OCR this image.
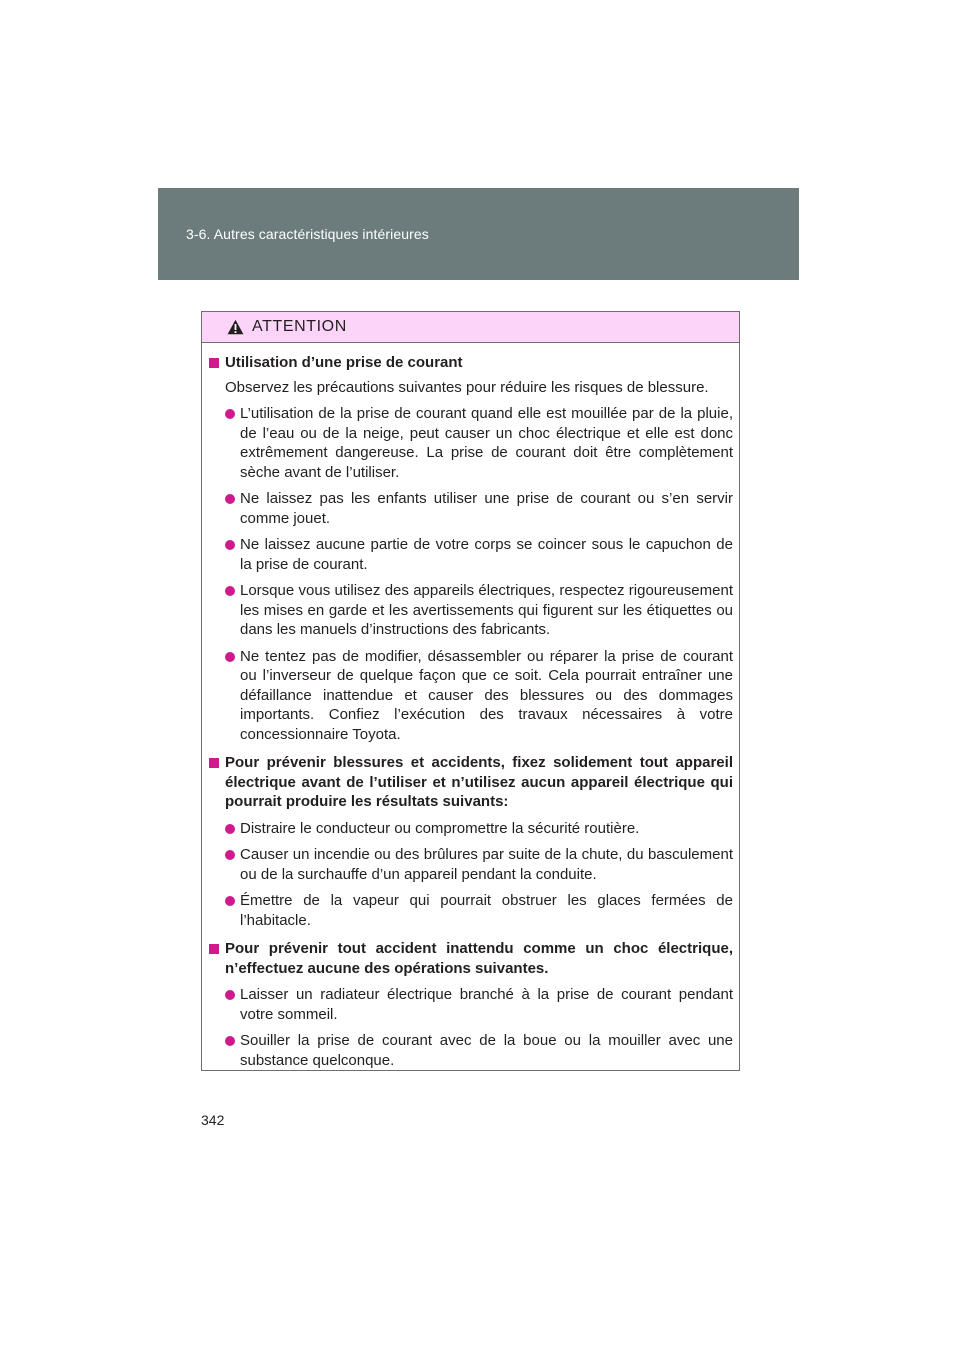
3-6. Autres caractéristiques intérieures
ATTENTION
Utilisation d’une prise de courant
Observez les précautions suivantes pour réduire les risques de blessure.
L’utilisation de la prise de courant quand elle est mouillée par de la pluie, de l’eau ou de la neige, peut causer un choc électrique et elle est donc extrêmement dangereuse. La prise de courant doit être complètement sèche avant de l’utiliser.
Ne laissez pas les enfants utiliser une prise de courant ou s’en servir comme jouet.
Ne laissez aucune partie de votre corps se coincer sous le capuchon de la prise de courant.
Lorsque vous utilisez des appareils électriques, respectez rigoureusement les mises en garde et les avertissements qui figurent sur les étiquettes ou dans les manuels d’instructions des fabricants.
Ne tentez pas de modifier, désassembler ou réparer la prise de courant ou l’inverseur de quelque façon que ce soit. Cela pourrait entraîner une défaillance inattendue et causer des blessures ou des dommages importants. Confiez l’exécution des travaux nécessaires à votre concessionnaire Toyota.
Pour prévenir blessures et accidents, fixez solidement tout appareil électrique avant de l’utiliser et n’utilisez aucun appareil électrique qui pourrait produire les résultats suivants:
Distraire le conducteur ou compromettre la sécurité routière.
Causer un incendie ou des brûlures par suite de la chute, du basculement ou de la surchauffe d’un appareil pendant la conduite.
Émettre de la vapeur qui pourrait obstruer les glaces fermées de l’habitacle.
Pour prévenir tout accident inattendu comme un choc électrique, n’effectuez aucune des opérations suivantes.
Laisser un radiateur électrique branché à la prise de courant pendant votre sommeil.
Souiller la prise de courant avec de la boue ou la mouiller avec une substance quelconque.
342
